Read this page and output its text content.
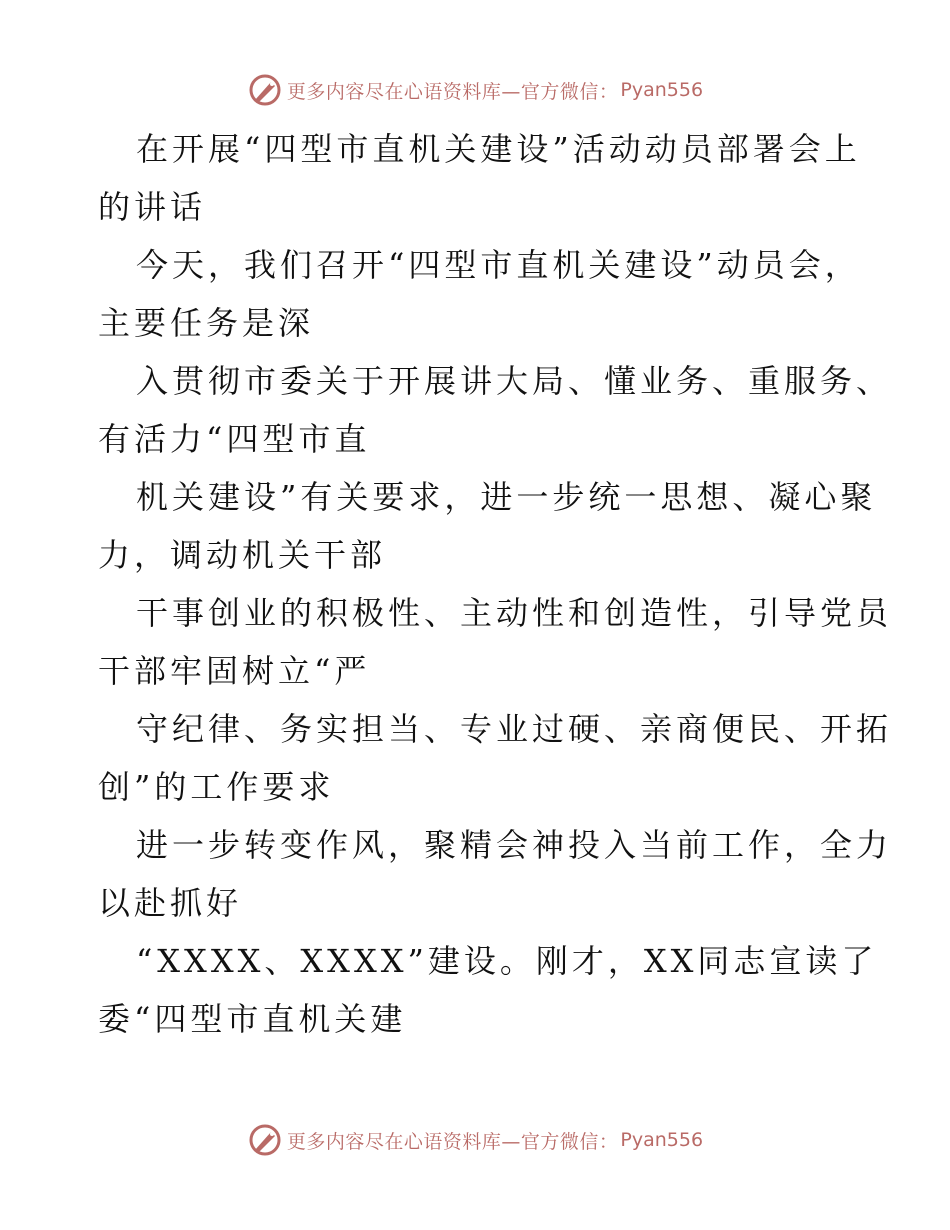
更多内容尽在心语资料库—官方微信： Pyan556
在开展“四型市直机关建设”活动动员部署会上
的讲话
今天，我们召开“四型市直机关建设”动员会，
主要任务是深
入贯彻市委关于开展讲大局、懂业务、重服务、
有活力“四型市直
机关建设”有关要求，进一步统一思想、凝心聚
力，调动机关干部
干事创业的积极性、主动性和创造性，引导党员
干部牢固树立“严
守纪律、务实担当、专业过硬、亲商便民、开拓
创”的工作要求
进一步转变作风，聚精会神投入当前工作，全力
以赴抓好
“XXXX、XXXX”建设。刚才，XX同志宣读了
委“四型市直机关建
更多内容尽在心语资料库—官方微信： Pyan556
